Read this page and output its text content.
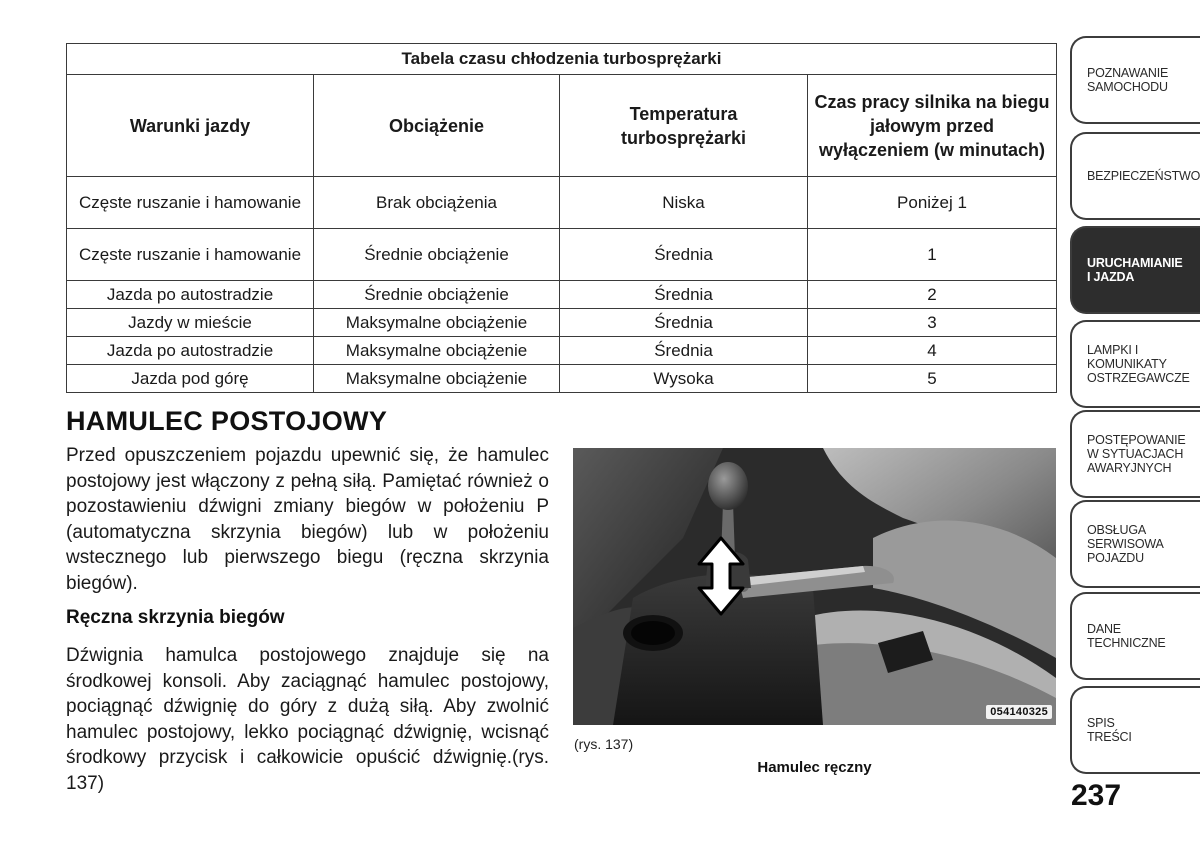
Tabela czasu chłodzenia turbosprężarki			
Warunki jazdy	Obciążenie	Temperatura turbosprężarki	Czas pracy silnika na biegu jałowym przed wyłączeniem (w minutach)
Częste ruszanie i hamowanie	Brak obciążenia	Niska	Poniżej 1
Częste ruszanie i hamowanie	Średnie obciążenie	Średnia	1
Jazda po autostradzie	Średnie obciążenie	Średnia	2
Jazdy w mieście	Maksymalne obciążenie	Średnia	3
Jazda po autostradzie	Maksymalne obciążenie	Średnia	4
Jazda pod górę	Maksymalne obciążenie	Wysoka	5
HAMULEC POSTOJOWY

Przed opuszczeniem pojazdu upewnić się, że hamulec postojowy jest włączony z pełną siłą. Pamiętać również o pozostawieniu dźwigni zmiany biegów w położeniu P (automatyczna skrzynia biegów) lub w położeniu wstecznego lub pierwszego biegu (ręczna skrzynia biegów).

Ręczna skrzynia biegów

Dźwignia hamulca postojowego znajduje się na środkowej konsoli. Aby zaciągnąć hamulec postojowy, pociągnąć dźwignię do góry z dużą siłą. Aby zwolnić hamulec postojowy, lekko pociągnąć dźwignię, wcisnąć środkowy przycisk i całkowicie opuścić dźwignię.(rys. 137)

054140325

(rys. 137)

Hamulec ręczny

POZNAWANIE
SAMOCHODU
BEZPIECZEŃSTWO
URUCHAMIANIE
I JAZDA
LAMPKI I
KOMUNIKATY
OSTRZEGAWCZE
POSTĘPOWANIE
W SYTUACJACH
AWARYJNYCH
OBSŁUGA
SERWISOWA
POJAZDU
DANE
TECHNICZNE
SPIS
TREŚCI

237
